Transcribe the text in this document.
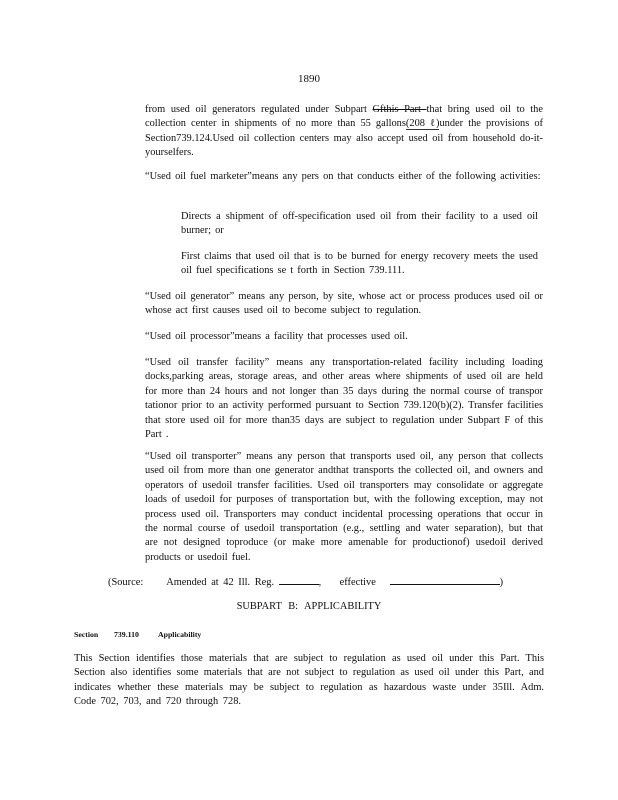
1890
from used oil generators regulated under Subpart Gfthis Part that bring used oil to the collection center in shipments of no more than 55 gallons(208 ℓ)under the provisions of Section739.124.Used oil collection centers may also accept used oil from household do-it-yourselfers.
“Used oil fuel marketer”means any pers on that conducts either of the following activities:
Directs a shipment of off-specification used oil from their facility to a used oil burner; or
First claims that used oil that is to be burned for energy recovery meets the used oil fuel specifications se t forth in Section 739.111.
“Used oil generator” means any person, by site, whose act or process produces used oil or whose act first causes used oil to become subject to regulation.
“Used oil processor”means a facility that processes used oil.
“Used oil transfer facility” means any transportation-related facility including loading docks,parking areas, storage areas, and other areas where shipments of used oil are held for more than 24 hours and not longer than 35 days during the normal course of transpor tationor prior to an activity performed pursuant to Section 739.120(b)(2). Transfer facilities that store used oil for more than35 days are subject to regulation under Subpart F of this Part .
“Used oil transporter” means any person that transports used oil, any person that collects used oil from more than one generator andthat transports the collected oil, and owners and operators of usedoil transfer facilities. Used oil transporters may consolidate or aggregate loads of usedoil for purposes of transportation but, with the following exception, may not process used oil. Transporters may conduct incidental processing operations that occur in the normal course of usedoil transportation (e.g., settling and water separation), but that are not designed toproduce (or make more amenable for productionof) usedoil derived products or usedoil fuel.
(Source: Amended at 42 Ill. Reg.	, effective	)
SUBPART B: APPLICABILITY
Section 739.110 Applicability
This Section identifies those materials that are subject to regulation as used oil under this Part. This Section also identifies some materials that are not subject to regulation as used oil under this Part, and indicates whether these materials may be subject to regulation as hazardous waste under 35Ill. Adm. Code 702, 703, and 720 through 728.
